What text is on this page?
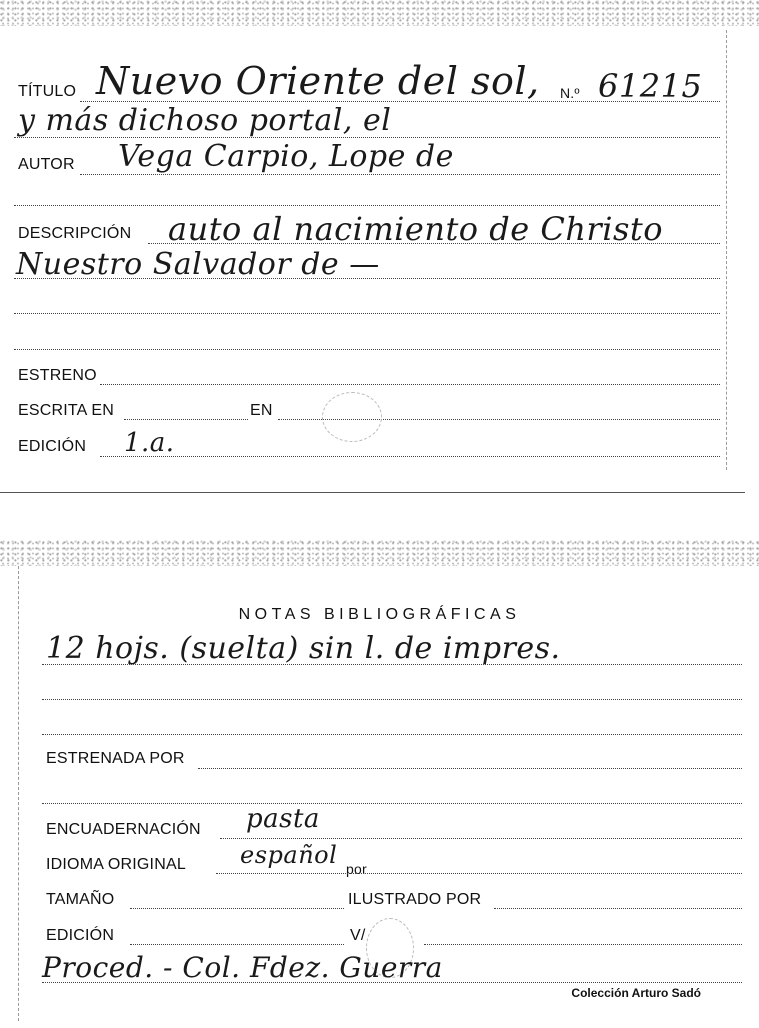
TÍTULO Nuevo Oriente del sol, N.º 61215
y más dichoso portal, el
AUTOR Vega Carpio, Lope de
DESCRIPCIÓN auto al nacimiento de Christo
Nuestro Salvador de —
ESTRENO
ESCRITA EN	EN
EDICIÓN 1.a.
NOTAS BIBLIOGRÁFICAS
12 hojs. (suelta) sin l. de impres.
ESTRENADA POR
ENCUADERNACIÓN pasta
IDIOMA ORIGINAL español por
TAMAÑO	ILUSTRADO POR
EDICIÓN	V/
Proced. - Col. Fdez. Guerra
Colección Arturo Sadó
